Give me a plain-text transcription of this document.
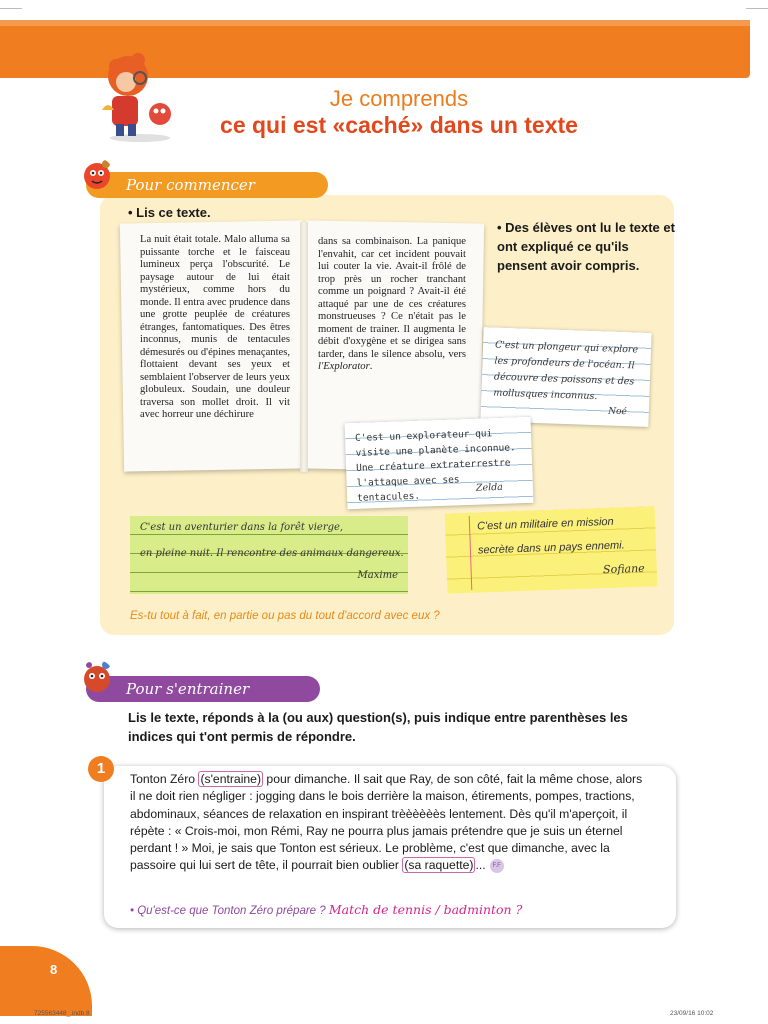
Je comprends
ce qui est «caché» dans un texte
Pour commencer
• Lis ce texte.
La nuit était totale. Malo alluma sa puissante torche et le faisceau lumineux perça l'obscurité. Le paysage autour de lui était mystérieux, comme hors du monde. Il entra avec prudence dans une grotte peuplée de créatures étranges, fantomatiques. Des êtres inconnus, munis de tentacules démesurés ou d'épines menaçantes, flottaient devant ses yeux et semblaient l'observer de leurs yeux globuleux. Soudain, une douleur traversa son mollet droit. Il vit avec horreur une déchirure
dans sa combinaison. La panique l'envahit, car cet incident pouvait lui couter la vie. Avait-il frôlé de trop près un rocher tranchant comme un poignard ? Avait-il été attaqué par une de ces créatures monstrueuses ? Ce n'était pas le moment de trainer. Il augmenta le débit d'oxygène et se dirigea sans tarder, dans le silence absolu, vers l'Explorator.
• Des élèves ont lu le texte et ont expliqué ce qu'ils pensent avoir compris.
C'est un plongeur qui explore les profondeurs de l'océan. Il découvre des poissons et des mollusques inconnus.
Noé
C'est un explorateur qui visite une planète inconnue. Une créature extraterrestre l'attaque avec ses tentacules.
Zelda
C'est un aventurier dans la forêt vierge,
en pleine nuit. Il rencontre des animaux dangereux.
Maxime
C'est un militaire en mission
secrète dans un pays ennemi.
Sofiane
Es-tu tout à fait, en partie ou pas du tout d'accord avec eux ?
Pour s'entrainer
Lis le texte, réponds à la (ou aux) question(s), puis indique entre parenthèses les indices qui t'ont permis de répondre.
1
Tonton Zéro (s'entraine) pour dimanche. Il sait que Ray, de son côté, fait la même chose, alors il ne doit rien négliger : jogging dans le bois derrière la maison, étirements, pompes, tractions, abdominaux, séances de relaxation en inspirant trèèèèèès lentement. Dès qu'il m'aperçoit, il répète : « Crois-moi, mon Rémi, Ray ne pourra plus jamais prétendre que je suis un éternel perdant ! » Moi, je sais que Tonton est sérieux. Le problème, c'est que dimanche, avec la passoire qui lui sert de tête, il pourrait bien oublier (sa raquette) ... F.F
• Qu'est-ce que Tonton Zéro prépare ? Match de tennis / badminton ?
8
725563448_.indb 8	23/09/16 10:02
